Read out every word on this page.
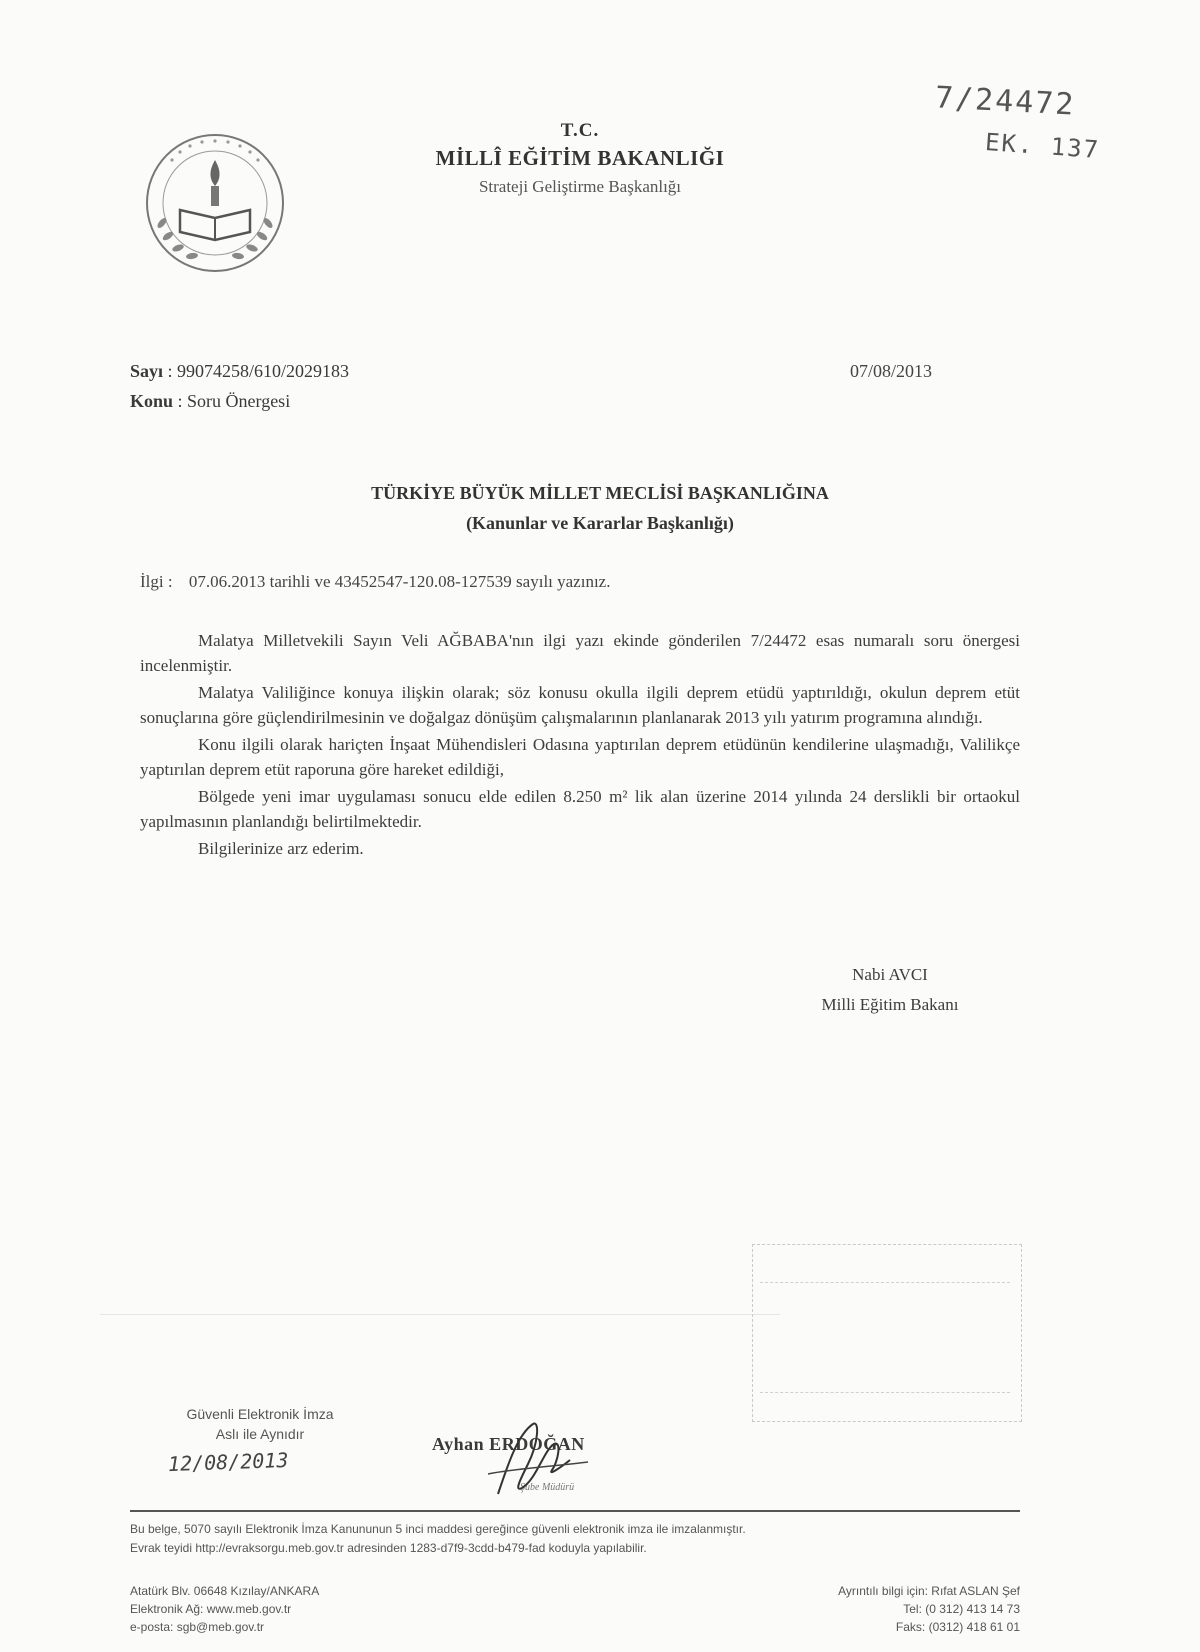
7/24472
EK. 137
T.C.
MİLLÎ EĞİTİM BAKANLIĞI
Strateji Geliştirme Başkanlığı
Sayı : 99074258/610/2029183
Konu : Soru Önergesi
07/08/2013
TÜRKİYE BÜYÜK MİLLET MECLİSİ BAŞKANLIĞINA
(Kanunlar ve Kararlar Başkanlığı)
İlgi : 07.06.2013 tarihli ve 43452547-120.08-127539 sayılı yazınız.

Malatya Milletvekili Sayın Veli AĞBABA'nın ilgi yazı ekinde gönderilen 7/24472 esas numaralı soru önergesi incelenmiştir.

Malatya Valiliğince konuya ilişkin olarak; söz konusu okulla ilgili deprem etüdü yaptırıldığı, okulun deprem etüt sonuçlarına göre güçlendirilmesinin ve doğalgaz dönüşüm çalışmalarının planlanarak 2013 yılı yatırım programına alındığı.

Konu ilgili olarak hariçten İnşaat Mühendisleri Odasına yaptırılan deprem etüdünün kendilerine ulaşmadığı, Valilikçe yaptırılan deprem etüt raporuna göre hareket edildiği,

Bölgede yeni imar uygulaması sonucu elde edilen 8.250 m² lik alan üzerine 2014 yılında 24 derslikli bir ortaokul yapılmasının planlandığı belirtilmektedir.

Bilgilerinize arz ederim.

Nabi AVCI
Milli Eğitim Bakanı
Güvenli Elektronik İmza
Aslı ile Aynıdır
12/08/2013
Ayhan ERDOĞAN
Şube Müdürü
Bu belge, 5070 sayılı Elektronik İmza Kanununun 5 inci maddesi gereğince güvenli elektronik imza ile imzalanmıştır.
Evrak teyidi http://evraksorgu.meb.gov.tr adresinden 1283-d7f9-3cdd-b479-fad koduyla yapılabilir.
Atatürk Blv. 06648 Kızılay/ANKARA
Elektronik Ağ: www.meb.gov.tr
e-posta: sgb@meb.gov.tr
Ayrıntılı bilgi için: Rıfat ASLAN Şef
Tel: (0 312) 413 14 73
Faks: (0312) 418 61 01
